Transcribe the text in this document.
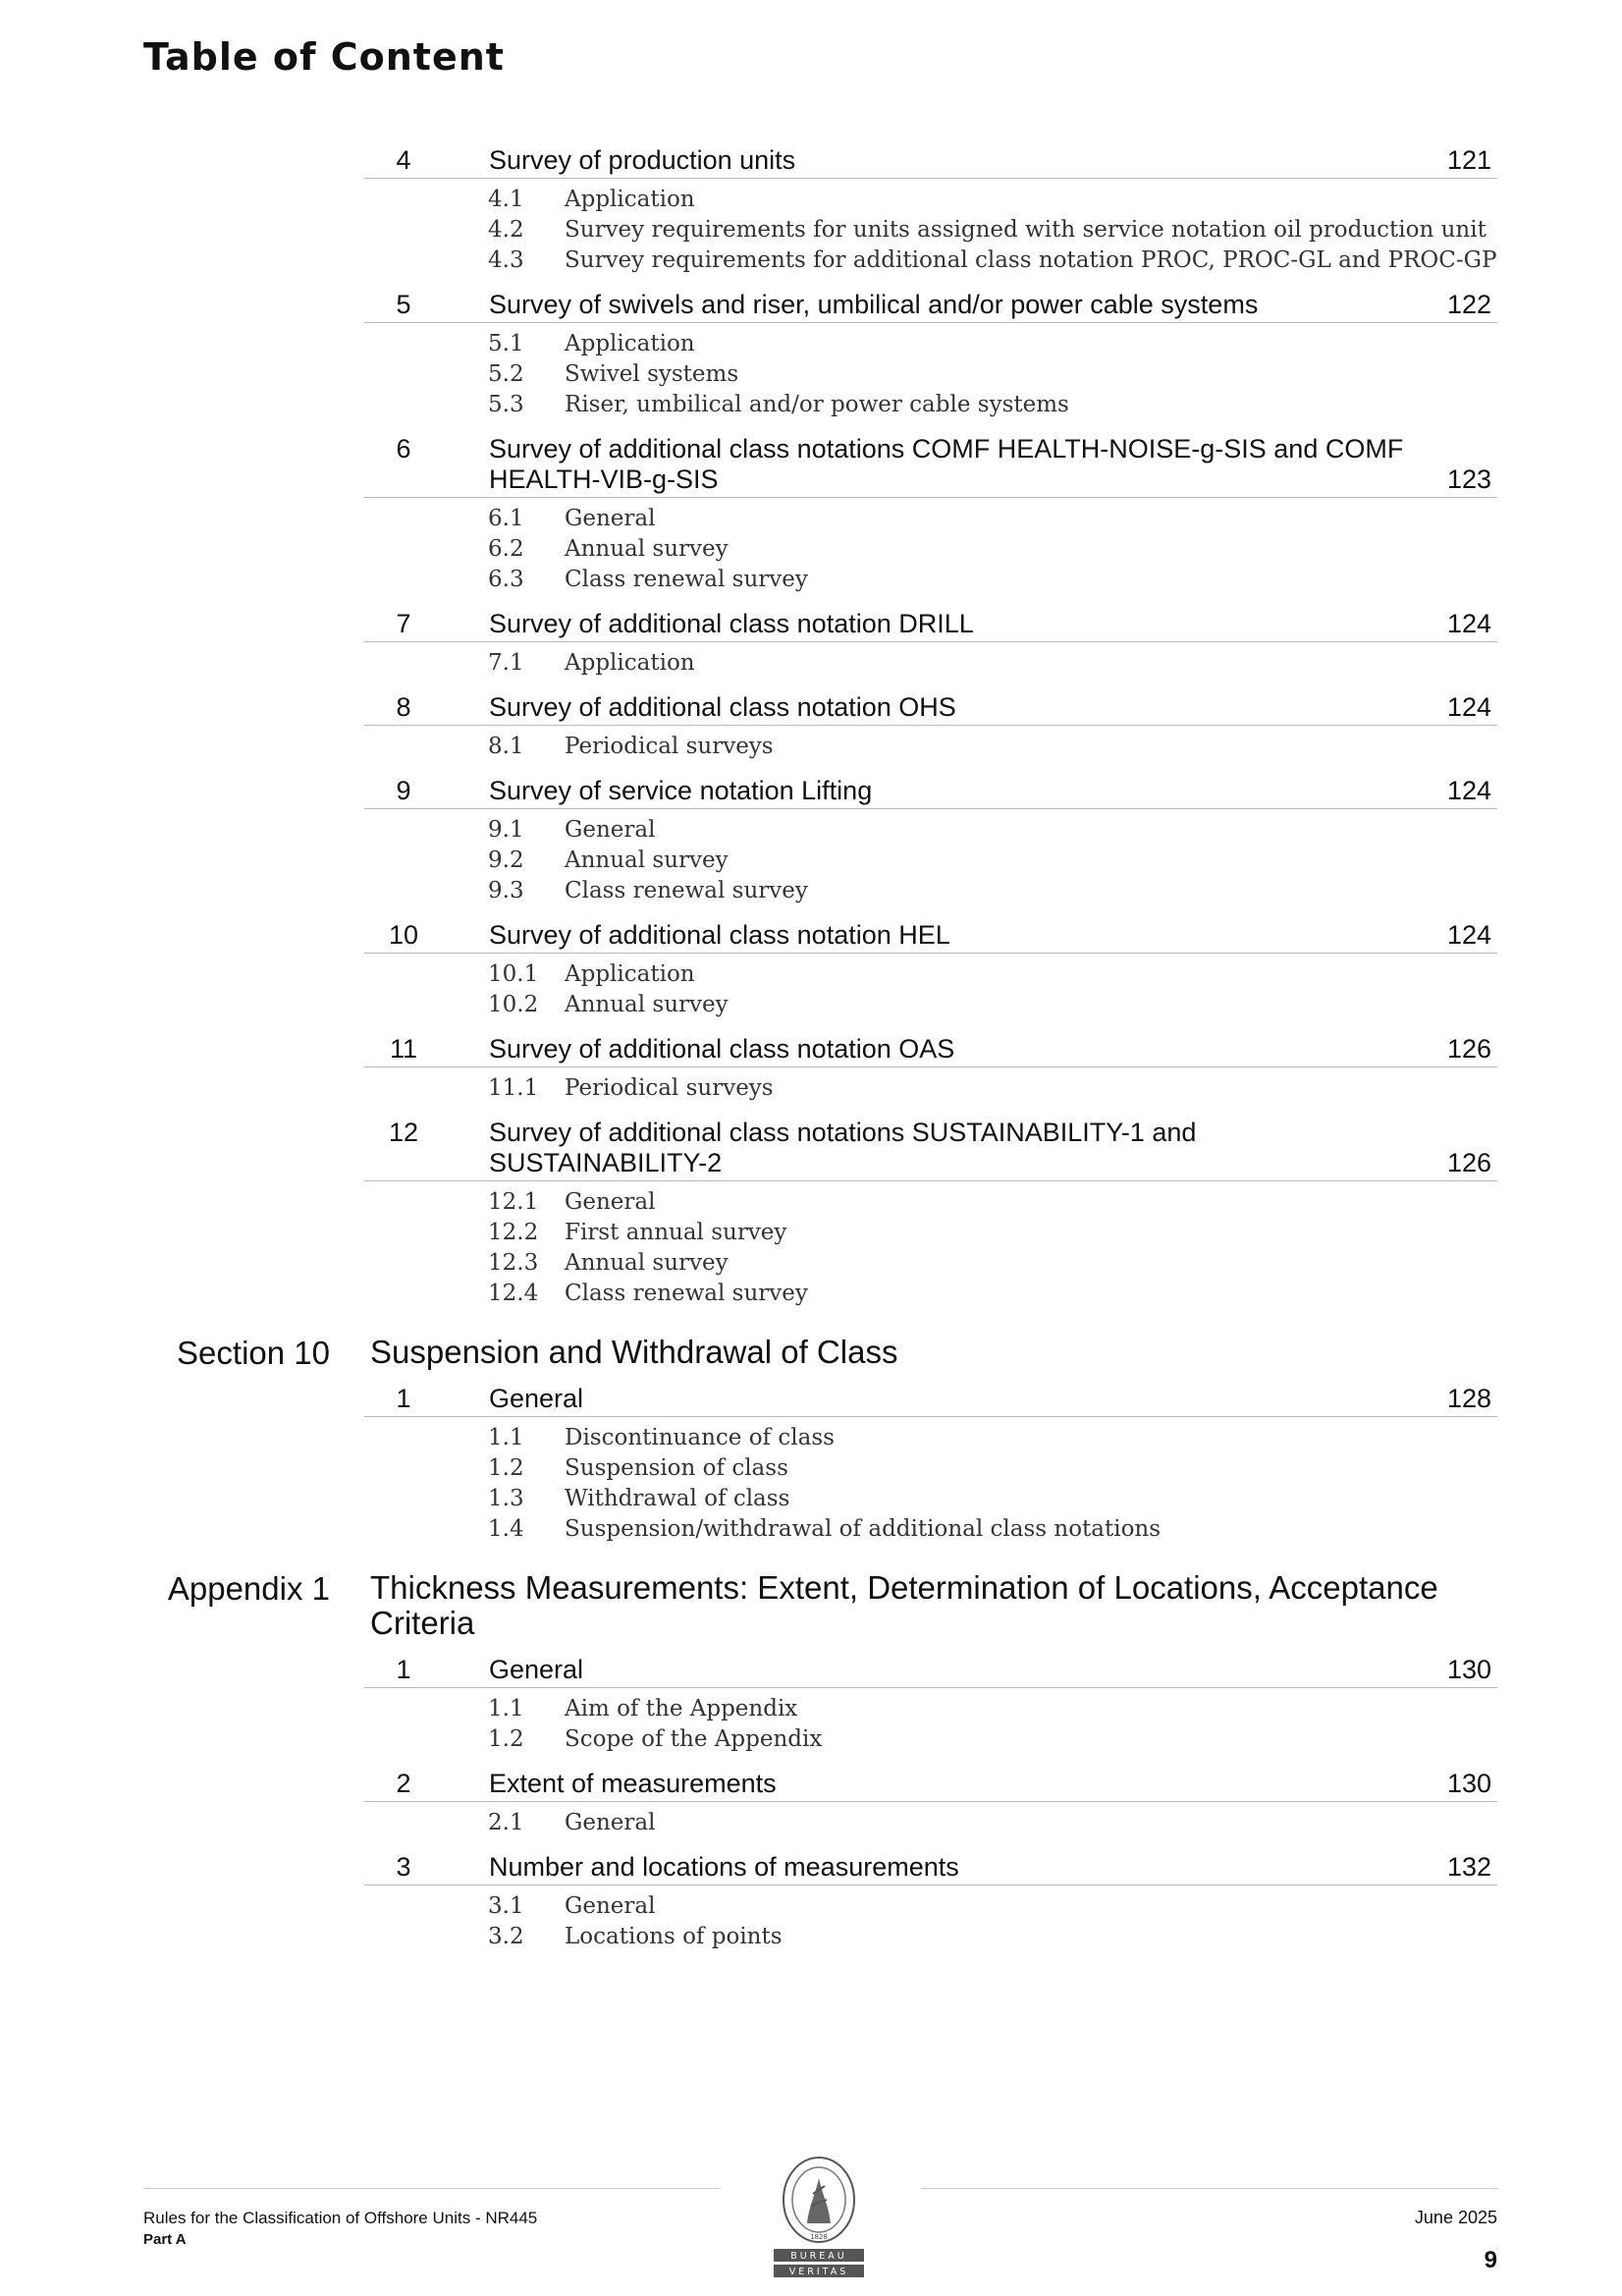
Table of Content
4	Survey of production units	121
4.1	Application
4.2	Survey requirements for units assigned with service notation oil production unit
4.3	Survey requirements for additional class notation PROC, PROC-GL and PROC-GP
5	Survey of swivels and riser, umbilical and/or power cable systems	122
5.1	Application
5.2	Swivel systems
5.3	Riser, umbilical and/or power cable systems
6	Survey of additional class notations COMF HEALTH-NOISE-g-SIS and COMF HEALTH-VIB-g-SIS	123
6.1	General
6.2	Annual survey
6.3	Class renewal survey
7	Survey of additional class notation DRILL	124
7.1	Application
8	Survey of additional class notation OHS	124
8.1	Periodical surveys
9	Survey of service notation Lifting	124
9.1	General
9.2	Annual survey
9.3	Class renewal survey
10	Survey of additional class notation HEL	124
10.1	Application
10.2	Annual survey
11	Survey of additional class notation OAS	126
11.1	Periodical surveys
12	Survey of additional class notations SUSTAINABILITY-1 and SUSTAINABILITY-2	126
12.1	General
12.2	First annual survey
12.3	Annual survey
12.4	Class renewal survey
Section 10 Suspension and Withdrawal of Class
1	General	128
1.1	Discontinuance of class
1.2	Suspension of class
1.3	Withdrawal of class
1.4	Suspension/withdrawal of additional class notations
Appendix 1 Thickness Measurements: Extent, Determination of Locations, Acceptance Criteria
1	General	130
1.1	Aim of the Appendix
1.2	Scope of the Appendix
2	Extent of measurements	130
2.1	General
3	Number and locations of measurements	132
3.1	General
3.2	Locations of points
Rules for the Classification of Offshore Units - NR445
Part A	1828
BUREAU
VERITAS
June 2025
9
